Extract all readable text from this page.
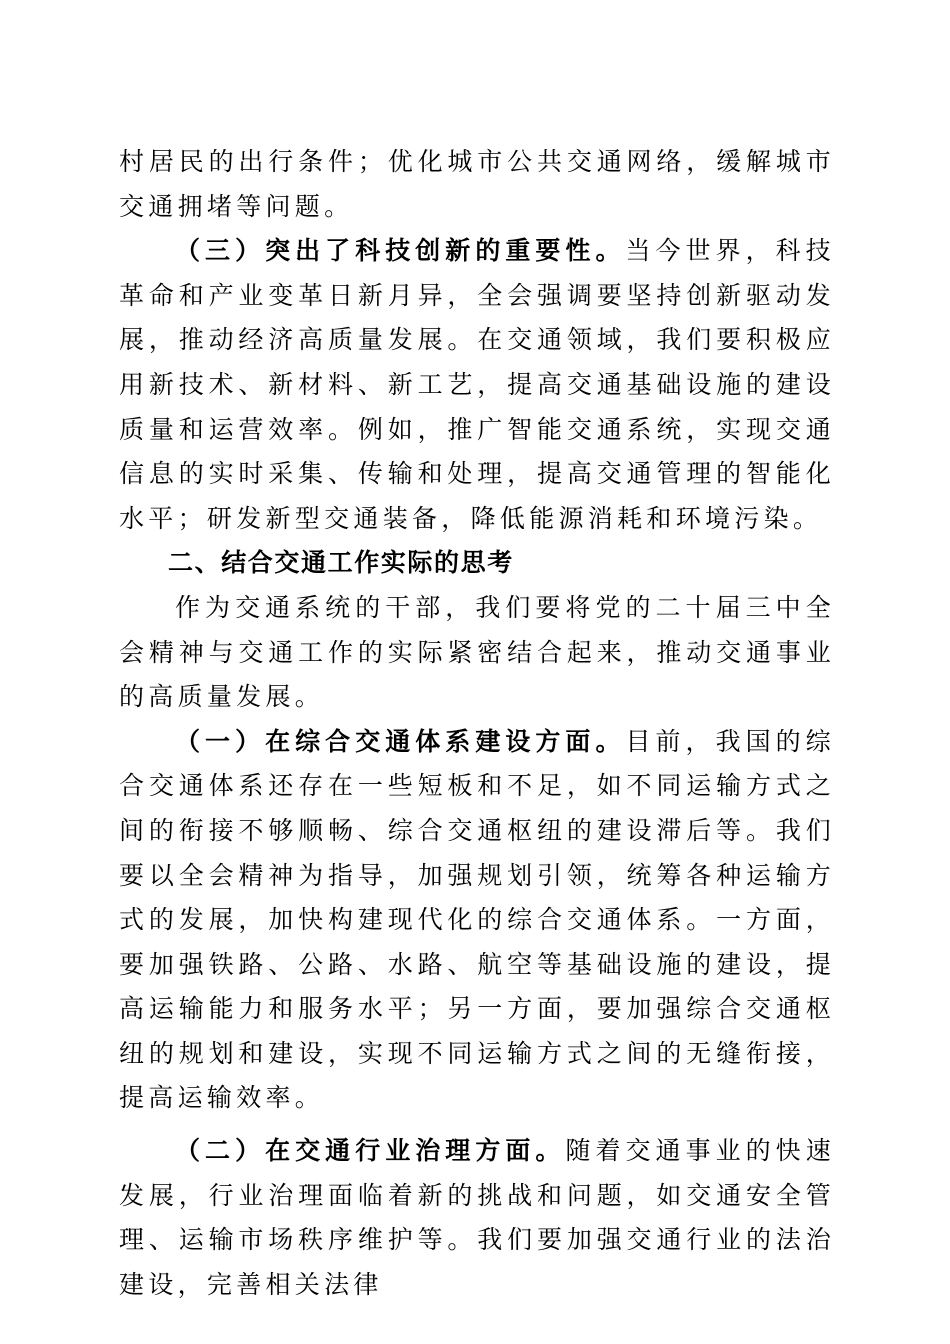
村居民的出行条件；优化城市公共交通网络，缓解城市交通拥堵等问题。

（三）突出了科技创新的重要性。当今世界，科技革命和产业变革日新月异，全会强调要坚持创新驱动发展，推动经济高质量发展。在交通领域，我们要积极应用新技术、新材料、新工艺，提高交通基础设施的建设质量和运营效率。例如，推广智能交通系统，实现交通信息的实时采集、传输和处理，提高交通管理的智能化水平；研发新型交通装备，降低能源消耗和环境污染。

二、结合交通工作实际的思考

作为交通系统的干部，我们要将党的二十届三中全会精神与交通工作的实际紧密结合起来，推动交通事业的高质量发展。

（一）在综合交通体系建设方面。目前，我国的综合交通体系还存在一些短板和不足，如不同运输方式之间的衔接不够顺畅、综合交通枢纽的建设滞后等。我们要以全会精神为指导，加强规划引领，统筹各种运输方式的发展，加快构建现代化的综合交通体系。一方面，要加强铁路、公路、水路、航空等基础设施的建设，提高运输能力和服务水平；另一方面，要加强综合交通枢纽的规划和建设，实现不同运输方式之间的无缝衔接，提高运输效率。

（二）在交通行业治理方面。随着交通事业的快速发展，行业治理面临着新的挑战和问题，如交通安全管理、运输市场秩序维护等。我们要加强交通行业的法治建设，完善相关法律
